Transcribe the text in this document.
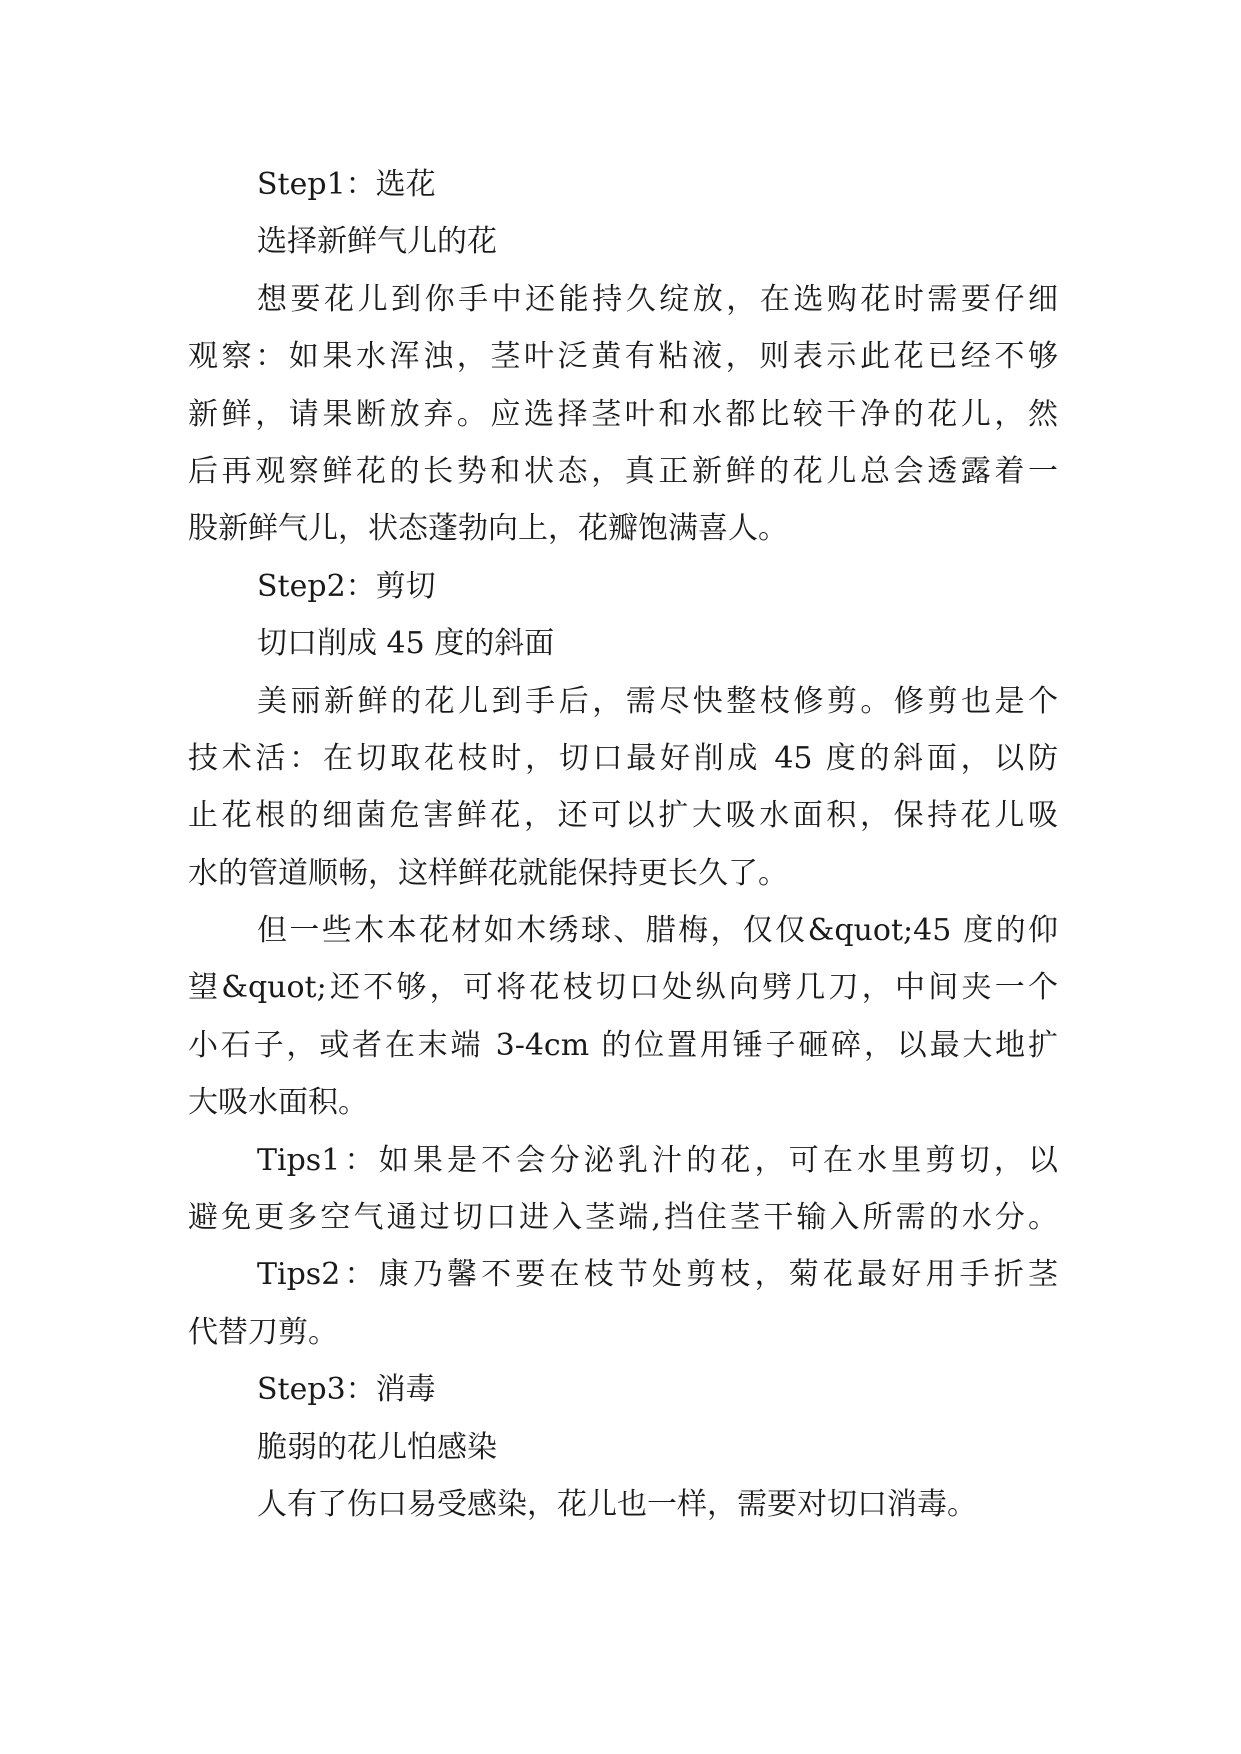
Step1：选花
选择新鲜气儿的花
想要花儿到你手中还能持久绽放，在选购花时需要仔细
观察：如果水浑浊，茎叶泛黄有粘液，则表示此花已经不够
新鲜，请果断放弃。应选择茎叶和水都比较干净的花儿，然
后再观察鲜花的长势和状态，真正新鲜的花儿总会透露着一
股新鲜气儿，状态蓬勃向上，花瓣饱满喜人。
Step2：剪切
切口削成 45 度的斜面
美丽新鲜的花儿到手后，需尽快整枝修剪。修剪也是个
技术活：在切取花枝时，切口最好削成 45 度的斜面，以防
止花根的细菌危害鲜花，还可以扩大吸水面积，保持花儿吸
水的管道顺畅，这样鲜花就能保持更长久了。
但一些木本花材如木绣球、腊梅，仅仅&quot;45 度的仰
望&quot;还不够，可将花枝切口处纵向劈几刀，中间夹一个
小石子，或者在末端 3-4cm 的位置用锤子砸碎，以最大地扩
大吸水面积。
Tips1：如果是不会分泌乳汁的花，可在水里剪切，以
避免更多空气通过切口进入茎端,挡住茎干输入所需的水分。
Tips2：康乃馨不要在枝节处剪枝，菊花最好用手折茎
代替刀剪。
Step3：消毒
脆弱的花儿怕感染
人有了伤口易受感染，花儿也一样，需要对切口消毒。
